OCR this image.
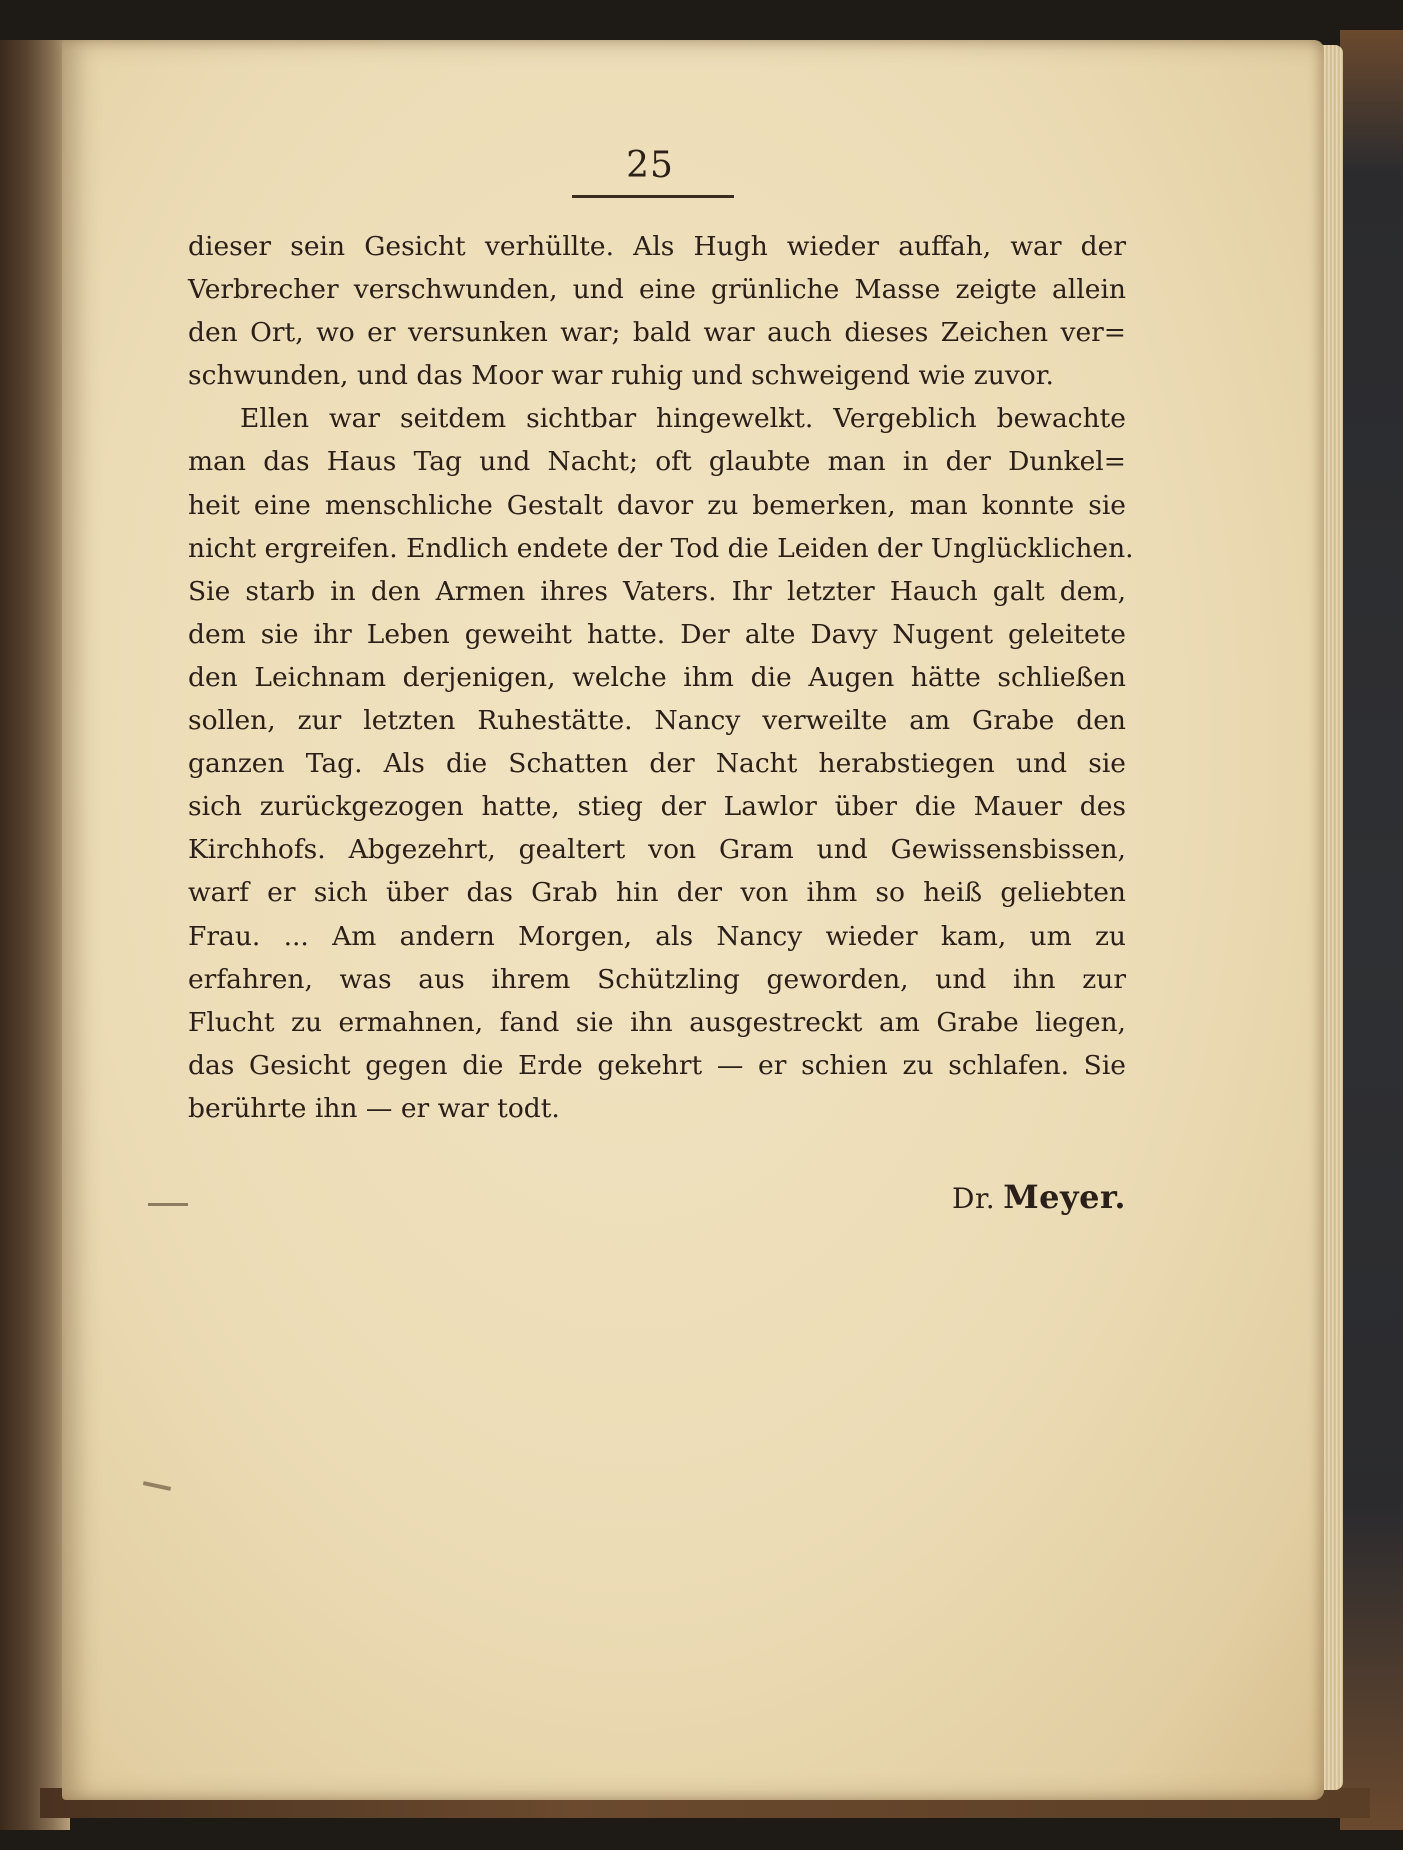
25
dieser sein Gesicht verhüllte. Als Hugh wieder auffah, war der
Verbrecher verschwunden, und eine grünliche Masse zeigte allein
den Ort, wo er versunken war; bald war auch dieses Zeichen ver=
schwunden, und das Moor war ruhig und schweigend wie zuvor.
Ellen war seitdem sichtbar hingewelkt. Vergeblich bewachte
man das Haus Tag und Nacht; oft glaubte man in der Dunkel=
heit eine menschliche Gestalt davor zu bemerken, man konnte sie
nicht ergreifen. Endlich endete der Tod die Leiden der Unglücklichen.
Sie starb in den Armen ihres Vaters. Ihr letzter Hauch galt dem,
dem sie ihr Leben geweiht hatte. Der alte Davy Nugent geleitete
den Leichnam derjenigen, welche ihm die Augen hätte schließen
sollen, zur letzten Ruhestätte. Nancy verweilte am Grabe den
ganzen Tag. Als die Schatten der Nacht herabstiegen und sie
sich zurückgezogen hatte, stieg der Lawlor über die Mauer des
Kirchhofs. Abgezehrt, gealtert von Gram und Gewissensbissen,
warf er sich über das Grab hin der von ihm so heiß geliebten
Frau. ... Am andern Morgen, als Nancy wieder kam, um zu
erfahren, was aus ihrem Schützling geworden, und ihn zur
Flucht zu ermahnen, fand sie ihn ausgestreckt am Grabe liegen,
das Gesicht gegen die Erde gekehrt — er schien zu schlafen. Sie
berührte ihn — er war todt.
Dr. Meyer.
